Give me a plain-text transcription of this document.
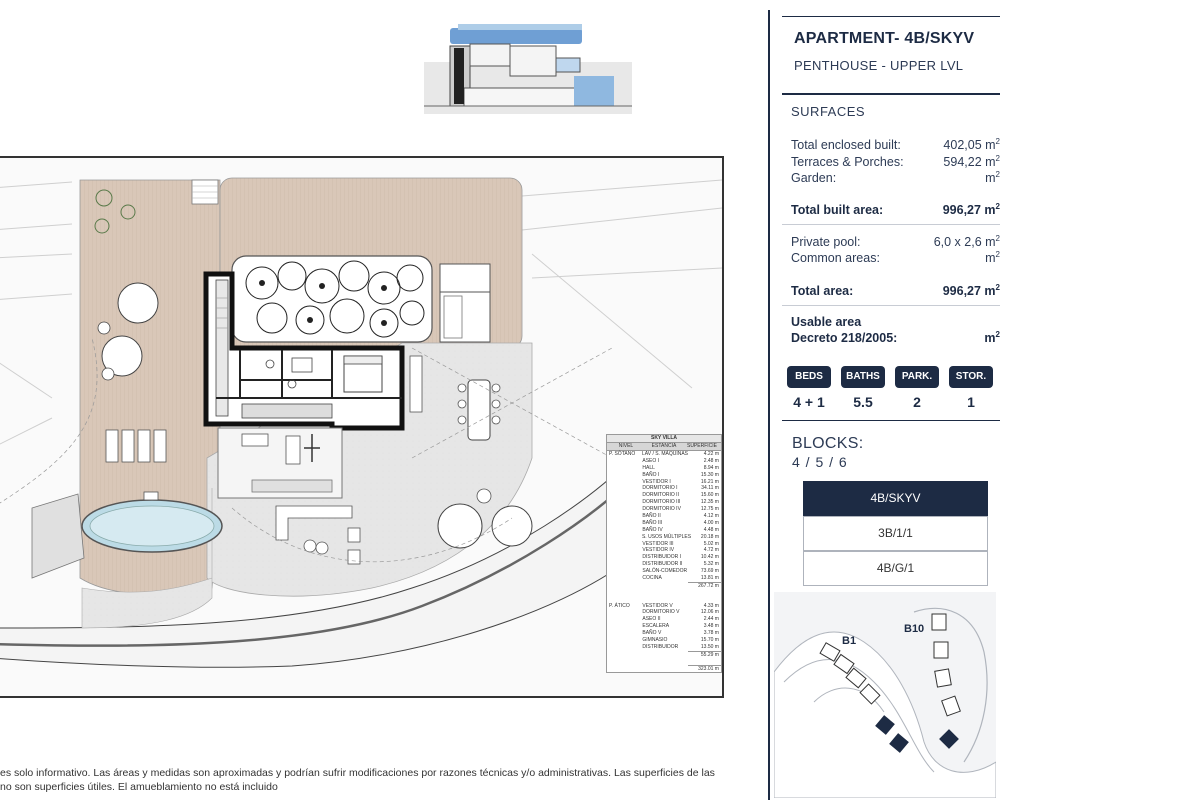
SKY VILLA
NIVEL	ESTANCIA	SUPERFICIE
P. SÓTANO	LAV / S. MÁQUINAS	4.22 m
ASEO I	2.48 m
HALL	8.94 m
BAÑO I	15.30 m
VESTIDOR I	16.21 m
DORMITORIO I	34.11 m
DORMITORIO II	15.60 m
DORMITORIO III	12.35 m
DORMITORIO IV	12.75 m
BAÑO II	4.12 m
BAÑO III	4.00 m
BAÑO IV	4.48 m
S. USOS MÚLTIPLES	20.18 m
VESTIDOR III	5.02 m
VESTIDOR IV	4.72 m
DISTRIBUIDOR I	10.42 m
DISTRIBUIDOR II	5.32 m
SALÓN-COMEDOR	73.69 m
COCINA	13.81 m
267.72 m
P. ÁTICO	VESTIDOR V	4.33 m
DORMITORIO V	12.06 m
ASEO II	2.44 m
ESCALERA	3.48 m
BAÑO V	3.78 m
GIMNASIO	15.70 m
DISTRIBUIDOR	13.50 m
55.29 m
323.01 m
es solo informativo. Las áreas y medidas son aproximadas y podrían sufrir modificaciones por razones técnicas y/o administrativas. Las superficies de las
no son superficies útiles. El amueblamiento no está incluido
APARTMENT- 4B/SKYV
PENTHOUSE - UPPER LVL
SURFACES
Total enclosed built:	402,05 $m^2$
Terraces & Porches:	594,22 $m^2$
Garden:	$m^2$
Total built area:	996,27 $m^2$
Private pool:	6,0 x 2,6 $m^2$
Common areas:	$m^2$
Total area:	996,27 $m^2$
Usable area
Decreto 218/2005:	$m^2$
BEDS	BATHS	PARK.	STOR.
4 + 1	5.5	2	1
BLOCKS:
4 / 5 / 6
4B/SKYV
3B/1/1
4B/G/1
B1
B10
